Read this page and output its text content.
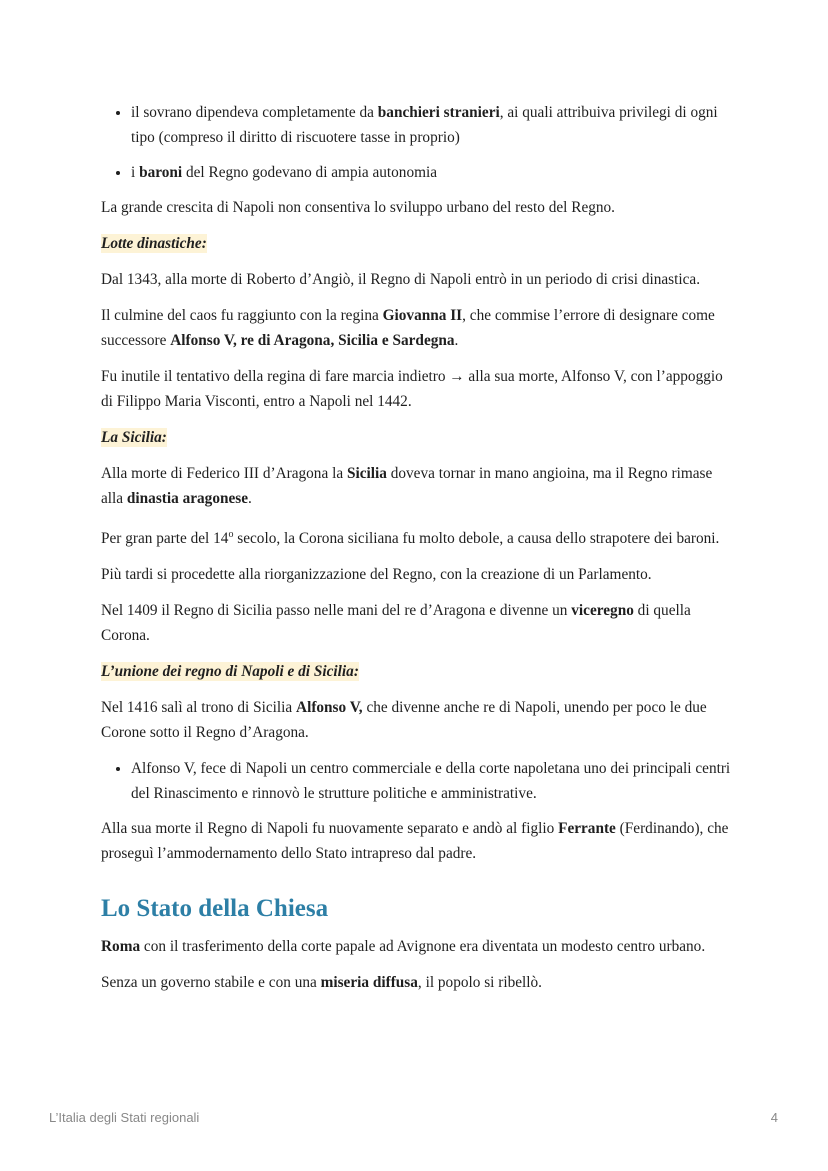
• il sovrano dipendeva completamente da banchieri stranieri, ai quali attribuiva privilegi di ogni tipo (compreso il diritto di riscuotere tasse in proprio)
• i baroni del Regno godevano di ampia autonomia

La grande crescita di Napoli non consentiva lo sviluppo urbano del resto del Regno.

Lotte dinastiche:

Dal 1343, alla morte di Roberto d’Angiò, il Regno di Napoli entrò in un periodo di crisi dinastica.

Il culmine del caos fu raggiunto con la regina Giovanna II, che commise l’errore di designare come successore Alfonso V, re di Aragona, Sicilia e Sardegna.

Fu inutile il tentativo della regina di fare marcia indietro → alla sua morte, Alfonso V, con l’appoggio di Filippo Maria Visconti, entro a Napoli nel 1442.

La Sicilia:

Alla morte di Federico III d’Aragona la Sicilia doveva tornar in mano angioina, ma il Regno rimase alla dinastia aragonese.

Per gran parte del 14$^o$ secolo, la Corona siciliana fu molto debole, a causa dello strapotere dei baroni.

Più tardi si procedette alla riorganizzazione del Regno, con la creazione di un Parlamento.

Nel 1409 il Regno di Sicilia passo nelle mani del re d’Aragona e divenne un viceregno di quella Corona.

L’unione dei regno di Napoli e di Sicilia:

Nel 1416 salì al trono di Sicilia Alfonso V, che divenne anche re di Napoli, unendo per poco le due Corone sotto il Regno d’Aragona.

• Alfonso V, fece di Napoli un centro commerciale e della corte napoletana uno dei principali centri del Rinascimento e rinnovò le strutture politiche e amministrative.

Alla sua morte il Regno di Napoli fu nuovamente separato e andò al figlio Ferrante (Ferdinando), che proseguì l’ammodernamento dello Stato intrapreso dal padre.

Lo Stato della Chiesa

Roma con il trasferimento della corte papale ad Avignone era diventata un modesto centro urbano.

Senza un governo stabile e con una miseria diffusa, il popolo si ribellò.

L’Italia degli Stati regionali	4
